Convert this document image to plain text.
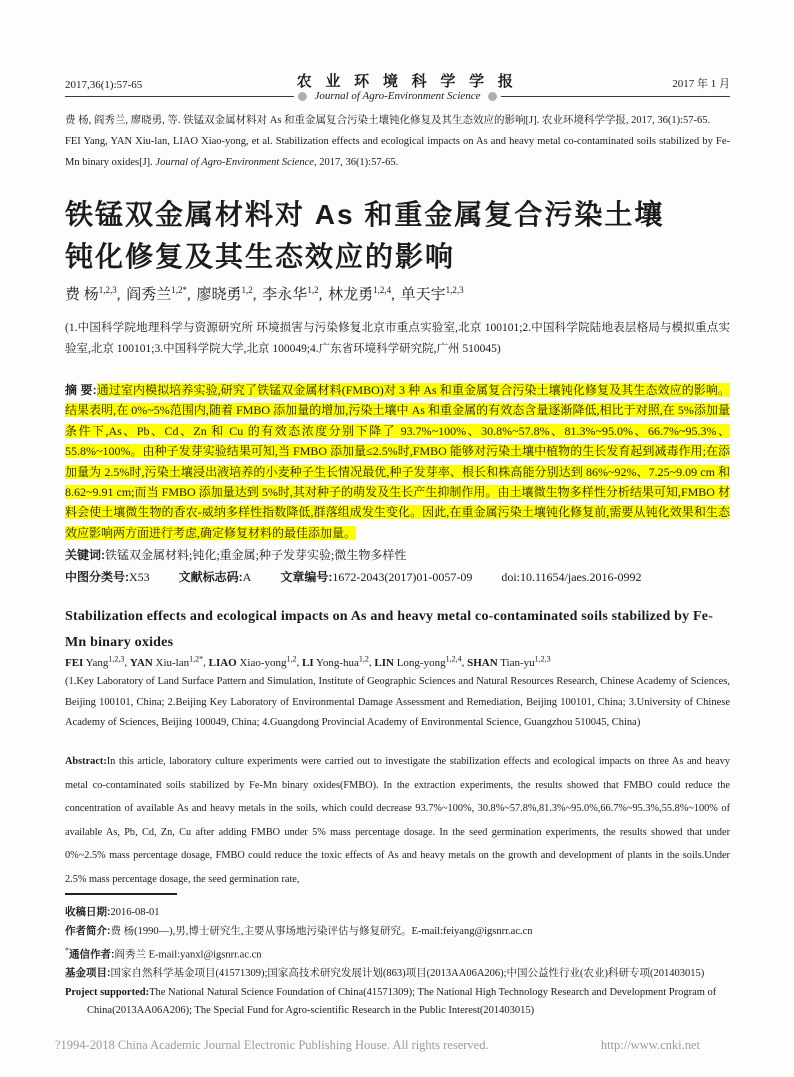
2017,36(1):57-65	农 业 环 境 科 学 学 报	2017 年 1 月
Journal of Agro-Environment Science

费 杨, 阎秀兰, 廖晓勇, 等. 铁锰双金属材料对 As 和重金属复合污染土壤钝化修复及其生态效应的影响[J]. 农业环境科学学报, 2017, 36(1):57-65.

FEI Yang, YAN Xiu-lan, LIAO Xiao-yong, et al. Stabilization effects and ecological impacts on As and heavy metal co-contaminated soils stabilized by Fe-Mn binary oxides[J]. Journal of Agro-Environment Science, 2017, 36(1):57-65.

铁锰双金属材料对 As 和重金属复合污染土壤
钝化修复及其生态效应的影响
费 杨$^{1,2,3}$, 阎秀兰$^{1,2*}$, 廖晓勇$^{1,2}$, 李永华$^{1,2}$, 林龙勇$^{1,2,4}$, 单天宇$^{1,2,3}$
(1.中国科学院地理科学与资源研究所 环境损害与污染修复北京市重点实验室,北京 100101;2.中国科学院陆地表层格局与模拟重点实验室,北京 100101;3.中国科学院大学,北京 100049;4.广东省环境科学研究院,广州 510045)
摘 要:通过室内模拟培养实验,研究了铁锰双金属材料(FMBO)对 3 种 As 和重金属复合污染土壤钝化修复及其生态效应的影响。结果表明,在 0%~5%范围内,随着 FMBO 添加量的增加,污染土壤中 As 和重金属的有效态含量逐渐降低,相比于对照,在 5%添加量条件下,As、Pb、Cd、Zn 和 Cu 的有效态浓度分别下降了 93.7%~100%、30.8%~57.8%、81.3%~95.0%、66.7%~95.3%、55.8%~100%。由种子发芽实验结果可知,当 FMBO 添加量≤2.5%时,FMBO 能够对污染土壤中植物的生长发育起到减毒作用;在添加量为 2.5%时,污染土壤浸出液培养的小麦种子生长情况最优,种子发芽率、根长和株高能分别达到 86%~92%、7.25~9.09 cm 和 8.62~9.91 cm;而当 FMBO 添加量达到 5%时,其对种子的萌发及生长产生抑制作用。由土壤微生物多样性分析结果可知,FMBO 材料会使土壤微生物的香农-威纳多样性指数降低,群落组成发生变化。因此,在重金属污染土壤钝化修复前,需要从钝化效果和生态效应影响两方面进行考虑,确定修复材料的最佳添加量。
关键词:铁锰双金属材料;钝化;重金属;种子发芽实验;微生物多样性
中图分类号:X53 文献标志码:A 文章编号:1672-2043(2017)01-0057-09 doi:10.11654/jaes.2016-0992
Stabilization effects and ecological impacts on As and heavy metal co-contaminated soils stabilized by Fe-Mn binary oxides
FEI Yang$^{1,2,3}$, YAN Xiu-lan$^{1,2*}$, LIAO Xiao-yong$^{1,2}$, LI Yong-hua$^{1,2}$, LIN Long-yong$^{1,2,4}$, SHAN Tian-yu$^{1,2,3}$
(1.Key Laboratory of Land Surface Pattern and Simulation, Institute of Geographic Sciences and Natural Resources Research, Chinese Academy of Sciences, Beijing 100101, China; 2.Beijing Key Laboratory of Environmental Damage Assessment and Remediation, Beijing 100101, China; 3.University of Chinese Academy of Sciences, Beijing 100049, China; 4.Guangdong Provincial Academy of Environmental Science, Guangzhou 510045, China)
Abstract:In this article, laboratory culture experiments were carried out to investigate the stabilization effects and ecological impacts on three As and heavy metal co-contaminated soils stabilized by Fe-Mn binary oxides(FMBO). In the extraction experiments, the results showed that FMBO could reduce the concentration of available As and heavy metals in the soils, which could decrease 93.7%~100%, 30.8%~57.8%,81.3%~95.0%,66.7%~95.3%,55.8%~100% of available As, Pb, Cd, Zn, Cu after adding FMBO under 5% mass percentage dosage. In the seed germination experiments, the results showed that under 0%~2.5% mass percentage dosage, FMBO could reduce the toxic effects of As and heavy metals on the growth and development of plants in the soils.Under 2.5% mass percentage dosage, the seed germination rate,

收稿日期:2016-08-01

作者简介:费 杨(1990—),男,博士研究生,主要从事场地污染评估与修复研究。E-mail:feiyang@igsnrr.ac.cn

*通信作者:阎秀兰 E-mail:yanxl@igsnrr.ac.cn

基金项目:国家自然科学基金项目(41571309);国家高技术研究发展计划(863)项目(2013AA06A206);中国公益性行业(农业)科研专项(201403015)

Project supported:The National Natural Science Foundation of China(41571309); The National High Technology Research and Development Program of China(2013AA06A206); The Special Fund for Agro-scientific Research in the Public Interest(201403015)

?1994-2018 China Academic Journal Electronic Publishing House. All rights reserved.	http://www.cnki.net
